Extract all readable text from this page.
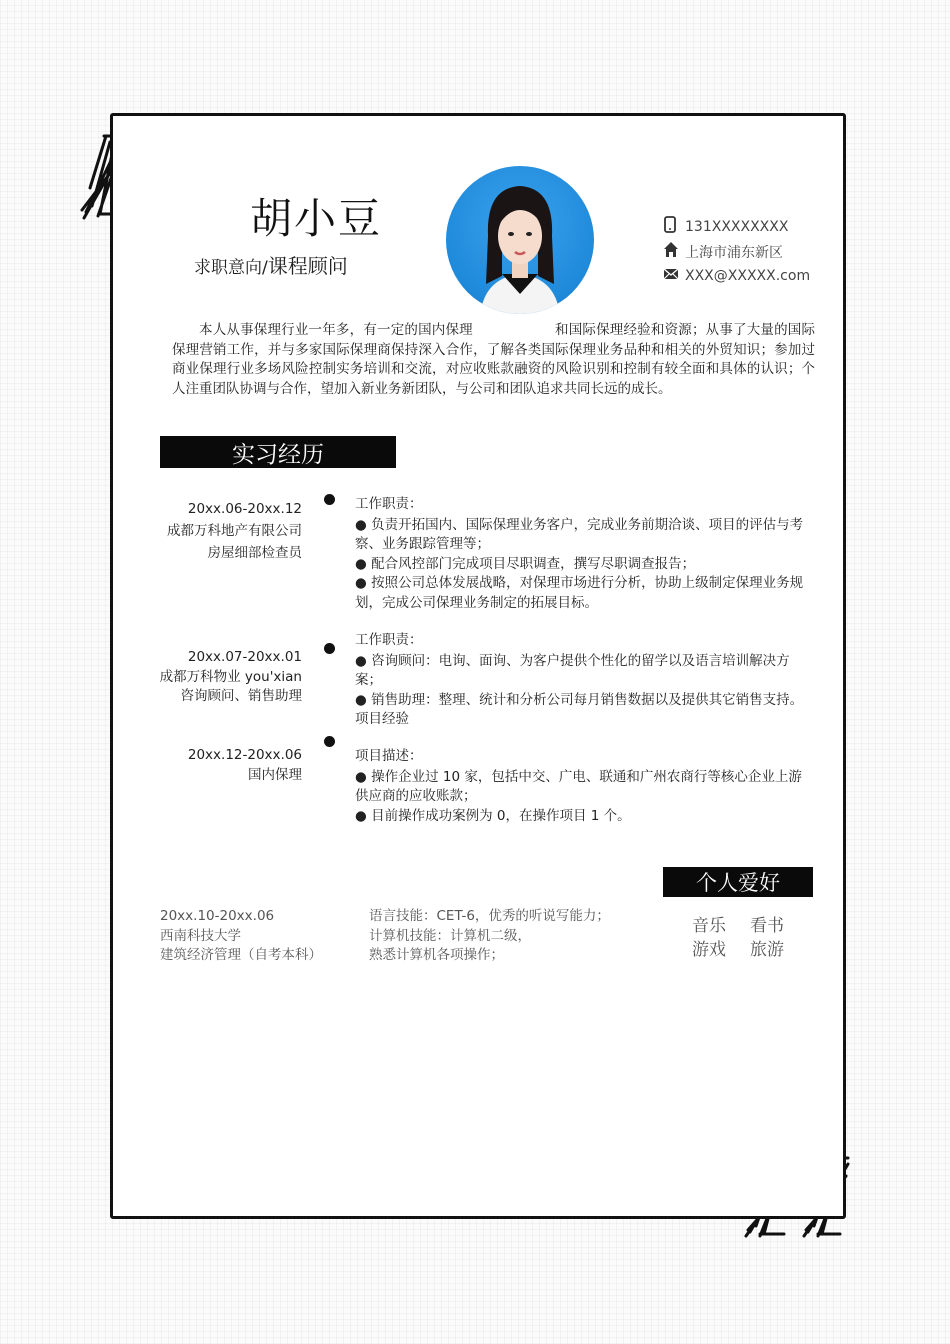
胡小豆
求职意向/课程顾问
131XXXXXXXX
上海市浦东新区
XXX@XXXXX.com
本人从事保理行业一年多，有一定的国内保理　　　　　　和国际保理经验和资源；从事了大量的国际保理营销工作，并与多家国际保理商保持深入合作，了解各类国际保理业务品种和相关的外贸知识；参加过商业保理行业多场风险控制实务培训和交流，对应收账款融资的风险识别和控制有较全面和具体的认识；个人注重团队协调与合作，望加入新业务新团队，与公司和团队追求共同长远的成长。
实习经历
20xx.06-20xx.12
成都万科地产有限公司
房屋细部检查员
工作职责：
● 负责开拓国内、国际保理业务客户，完成业务前期洽谈、项目的评估与考察、业务跟踪管理等；
● 配合风控部门完成项目尽职调查，撰写尽职调查报告；
● 按照公司总体发展战略，对保理市场进行分析，协助上级制定保理业务规划，完成公司保理业务制定的拓展目标。
20xx.07-20xx.01
成都万科物业 you'xian
咨询顾问、销售助理
工作职责：
● 咨询顾问：电询、面询、为客户提供个性化的留学以及语言培训解决方案；
● 销售助理：整理、统计和分析公司每月销售数据以及提供其它销售支持。
项目经验
20xx.12-20xx.06
国内保理
项目描述：
● 操作企业过 10 家，包括中交、广电、联通和广州农商行等核心企业上游供应商的应收账款；
● 目前操作成功案例为 0，在操作项目 1 个。
个人爱好
20xx.10-20xx.06
西南科技大学
建筑经济管理（自考本科）
语言技能：CET-6，优秀的听说写能力；
计算机技能：计算机二级，
熟悉计算机各项操作；
音乐	看书
游戏	旅游
